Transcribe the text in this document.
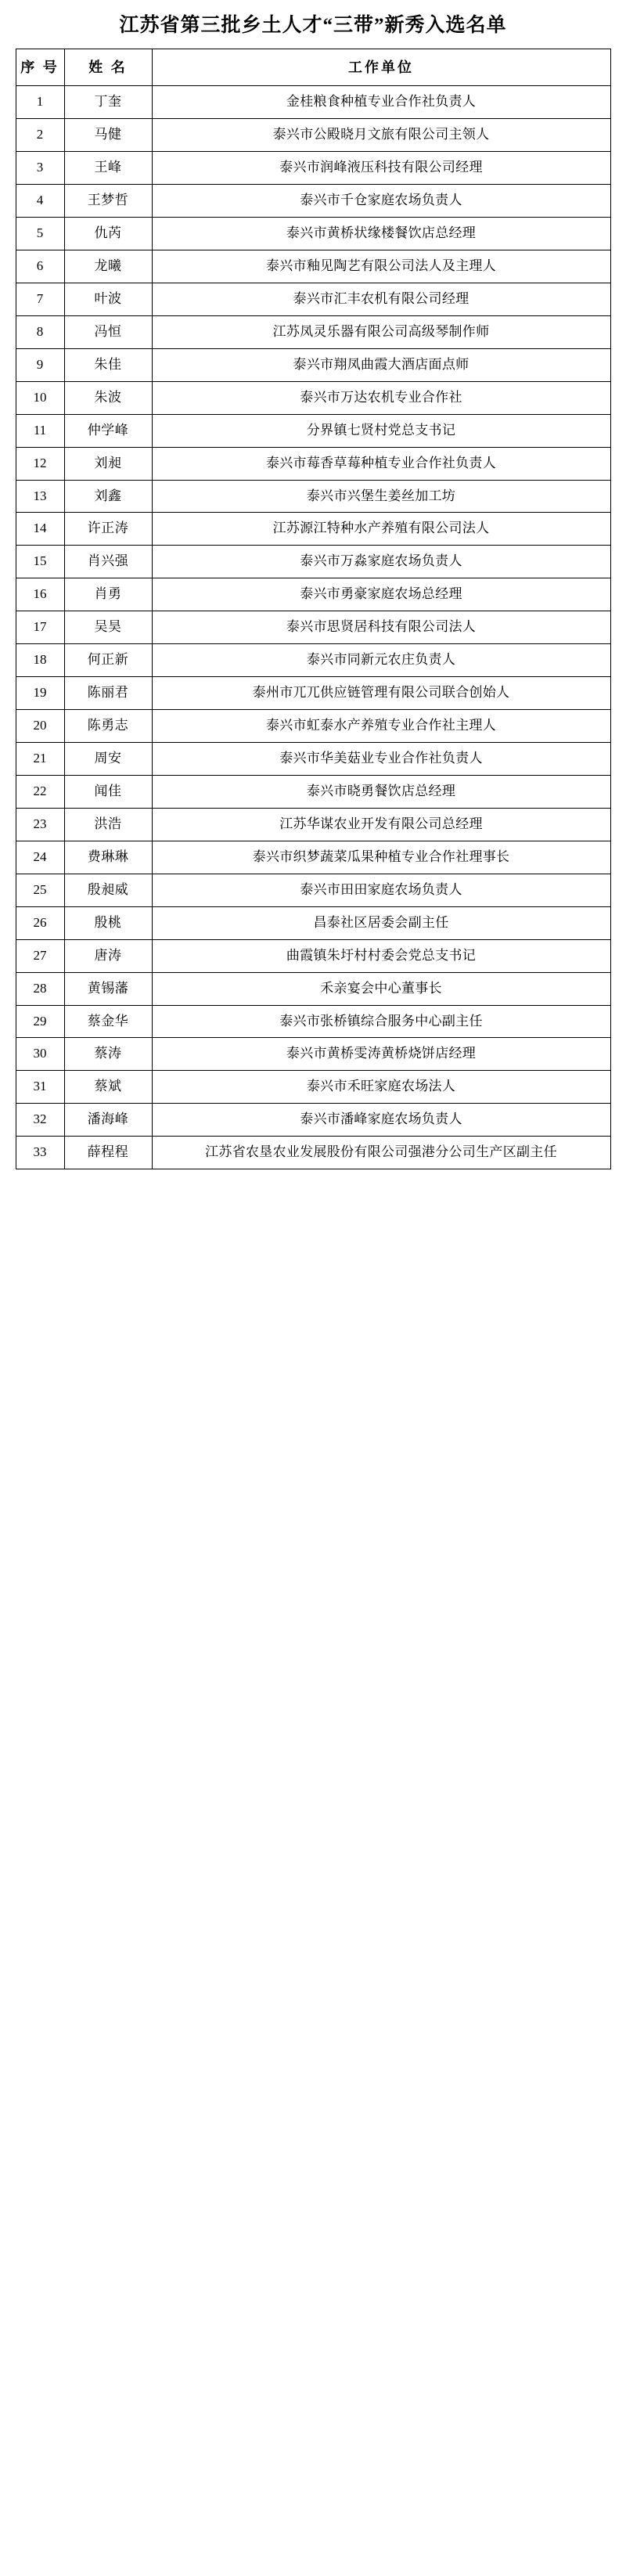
江苏省第三批乡土人才“三带”新秀入选名单
序 号	姓 名	工作单位
1	丁奎	金桂粮食种植专业合作社负责人
2	马健	泰兴市公殿晓月文旅有限公司主领人
3	王峰	泰兴市润峰液压科技有限公司经理
4	王梦哲	泰兴市千仓家庭农场负责人
5	仇芮	泰兴市黄桥状缘楼餐饮店总经理
6	龙曦	泰兴市釉见陶艺有限公司法人及主理人
7	叶波	泰兴市汇丰农机有限公司经理
8	冯恒	江苏凤灵乐器有限公司高级琴制作师
9	朱佳	泰兴市翔凤曲霞大酒店面点师
10	朱波	泰兴市万达农机专业合作社
11	仲学峰	分界镇七贤村党总支书记
12	刘昶	泰兴市莓香草莓种植专业合作社负责人
13	刘鑫	泰兴市兴堡生姜丝加工坊
14	许正涛	江苏源江特种水产养殖有限公司法人
15	肖兴强	泰兴市万淼家庭农场负责人
16	肖勇	泰兴市勇豪家庭农场总经理
17	吴昊	泰兴市思贤居科技有限公司法人
18	何正新	泰兴市同新元农庄负责人
19	陈丽君	泰州市兀兀供应链管理有限公司联合创始人
20	陈勇志	泰兴市虹泰水产养殖专业合作社主理人
21	周安	泰兴市华美菇业专业合作社负责人
22	闻佳	泰兴市晓勇餐饮店总经理
23	洪浩	江苏华谋农业开发有限公司总经理
24	费琳琳	泰兴市织梦蔬菜瓜果种植专业合作社理事长
25	殷昶威	泰兴市田田家庭农场负责人
26	殷桃	昌泰社区居委会副主任
27	唐涛	曲霞镇朱圩村村委会党总支书记
28	黄锡藩	禾亲宴会中心董事长
29	蔡金华	泰兴市张桥镇综合服务中心副主任
30	蔡涛	泰兴市黄桥雯涛黄桥烧饼店经理
31	蔡斌	泰兴市禾旺家庭农场法人
32	潘海峰	泰兴市潘峰家庭农场负责人
33	薛程程	江苏省农垦农业发展股份有限公司强港分公司生产区副主任
